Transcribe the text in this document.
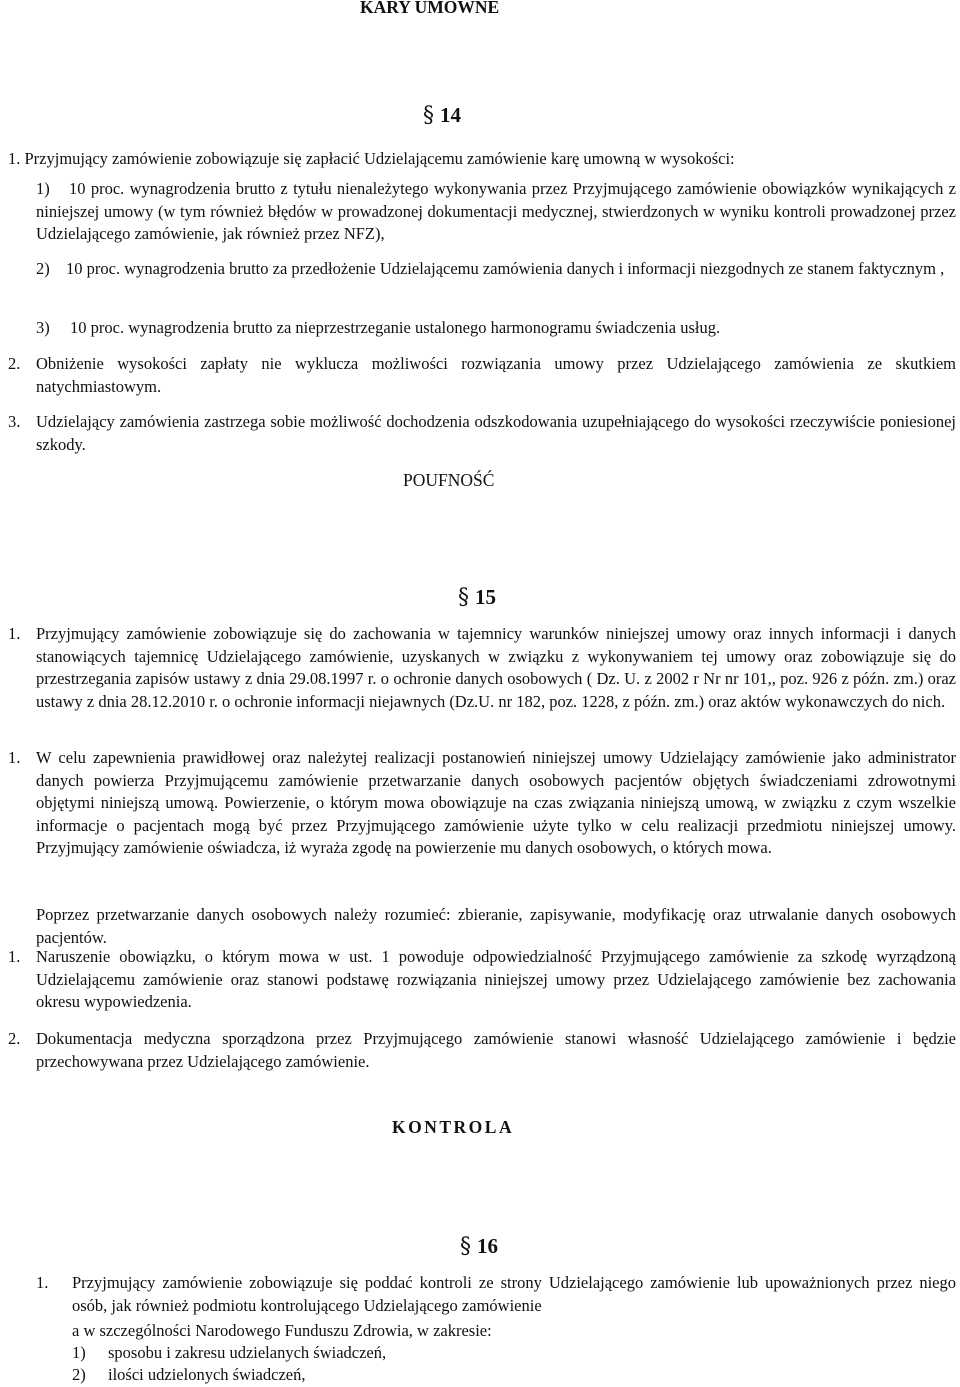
KARY UMOWNE
§ 14
1. Przyjmujący zamówienie zobowiązuje się zapłacić Udzielającemu zamówienie karę umowną w wysokości:
1)	10 proc. wynagrodzenia brutto z tytułu nienależytego wykonywania przez Przyjmującego zamówienie obowiązków wynikających z niniejszej umowy (w tym również błędów w prowadzonej dokumentacji medycznej, stwierdzonych w wyniku kontroli prowadzonej przez Udzielającego zamówienie, jak również przez NFZ),
2) 10 proc. wynagrodzenia brutto za przedłożenie Udzielającemu zamówienia danych i informacji niezgodnych ze stanem faktycznym ,
3) 10 proc. wynagrodzenia brutto za nieprzestrzeganie ustalonego harmonogramu świadczenia usług.
2. Obniżenie wysokości zapłaty nie wyklucza możliwości rozwiązania umowy przez Udzielającego zamówienia ze skutkiem natychmiastowym.
3. Udzielający zamówienia zastrzega sobie możliwość dochodzenia odszkodowania uzupełniającego do wysokości rzeczywiście poniesionej szkody.
POUFNOŚĆ
§ 15
1. Przyjmujący zamówienie zobowiązuje się do zachowania w tajemnicy warunków niniejszej umowy oraz innych informacji i danych stanowiących tajemnicę Udzielającego zamówienie, uzyskanych w związku z wykonywaniem tej umowy oraz zobowiązuje się do przestrzegania zapisów ustawy z dnia 29.08.1997 r. o ochronie danych osobowych ( Dz. U. z 2002 r Nr nr 101,, poz. 926 z późn. zm.) oraz ustawy z dnia 28.12.2010 r. o ochronie informacji niejawnych (Dz.U. nr 182, poz. 1228, z późn. zm.) oraz aktów wykonawczych do nich.
1. W celu zapewnienia prawidłowej oraz należytej realizacji postanowień niniejszej umowy Udzielający zamówienie jako administrator danych powierza Przyjmującemu zamówienie przetwarzanie danych osobowych pacjentów objętych świadczeniami zdrowotnymi objętymi niniejszą umową. Powierzenie, o którym mowa obowiązuje na czas związania niniejszą umową, w związku z czym wszelkie informacje o pacjentach mogą być przez Przyjmującego zamówienie użyte tylko w celu realizacji przedmiotu niniejszej umowy. Przyjmujący zamówienie oświadcza, iż wyraża zgodę na powierzenie mu danych osobowych, o których mowa.
Poprzez przetwarzanie danych osobowych należy rozumieć: zbieranie, zapisywanie, modyfikację oraz utrwalanie danych osobowych pacjentów.
1. Naruszenie obowiązku, o którym mowa w ust. 1 powoduje odpowiedzialność Przyjmującego zamówienie za szkodę wyrządzoną Udzielającemu zamówienie oraz stanowi podstawę rozwiązania niniejszej umowy przez Udzielającego zamówienie bez zachowania okresu wypowiedzenia.
2. Dokumentacja medyczna sporządzona przez Przyjmującego zamówienie stanowi własność Udzielającego zamówienie i będzie przechowywana przez Udzielającego zamówienie.
KONTROLA
§ 16
1. Przyjmujący zamówienie zobowiązuje się poddać kontroli ze strony Udzielającego zamówienie lub upoważnionych przez niego osób, jak również podmiotu kontrolującego Udzielającego zamówienie
a w szczególności Narodowego Funduszu Zdrowia, w zakresie:
1) sposobu i zakresu udzielanych świadczeń,
2) ilości udzielonych świadczeń,
